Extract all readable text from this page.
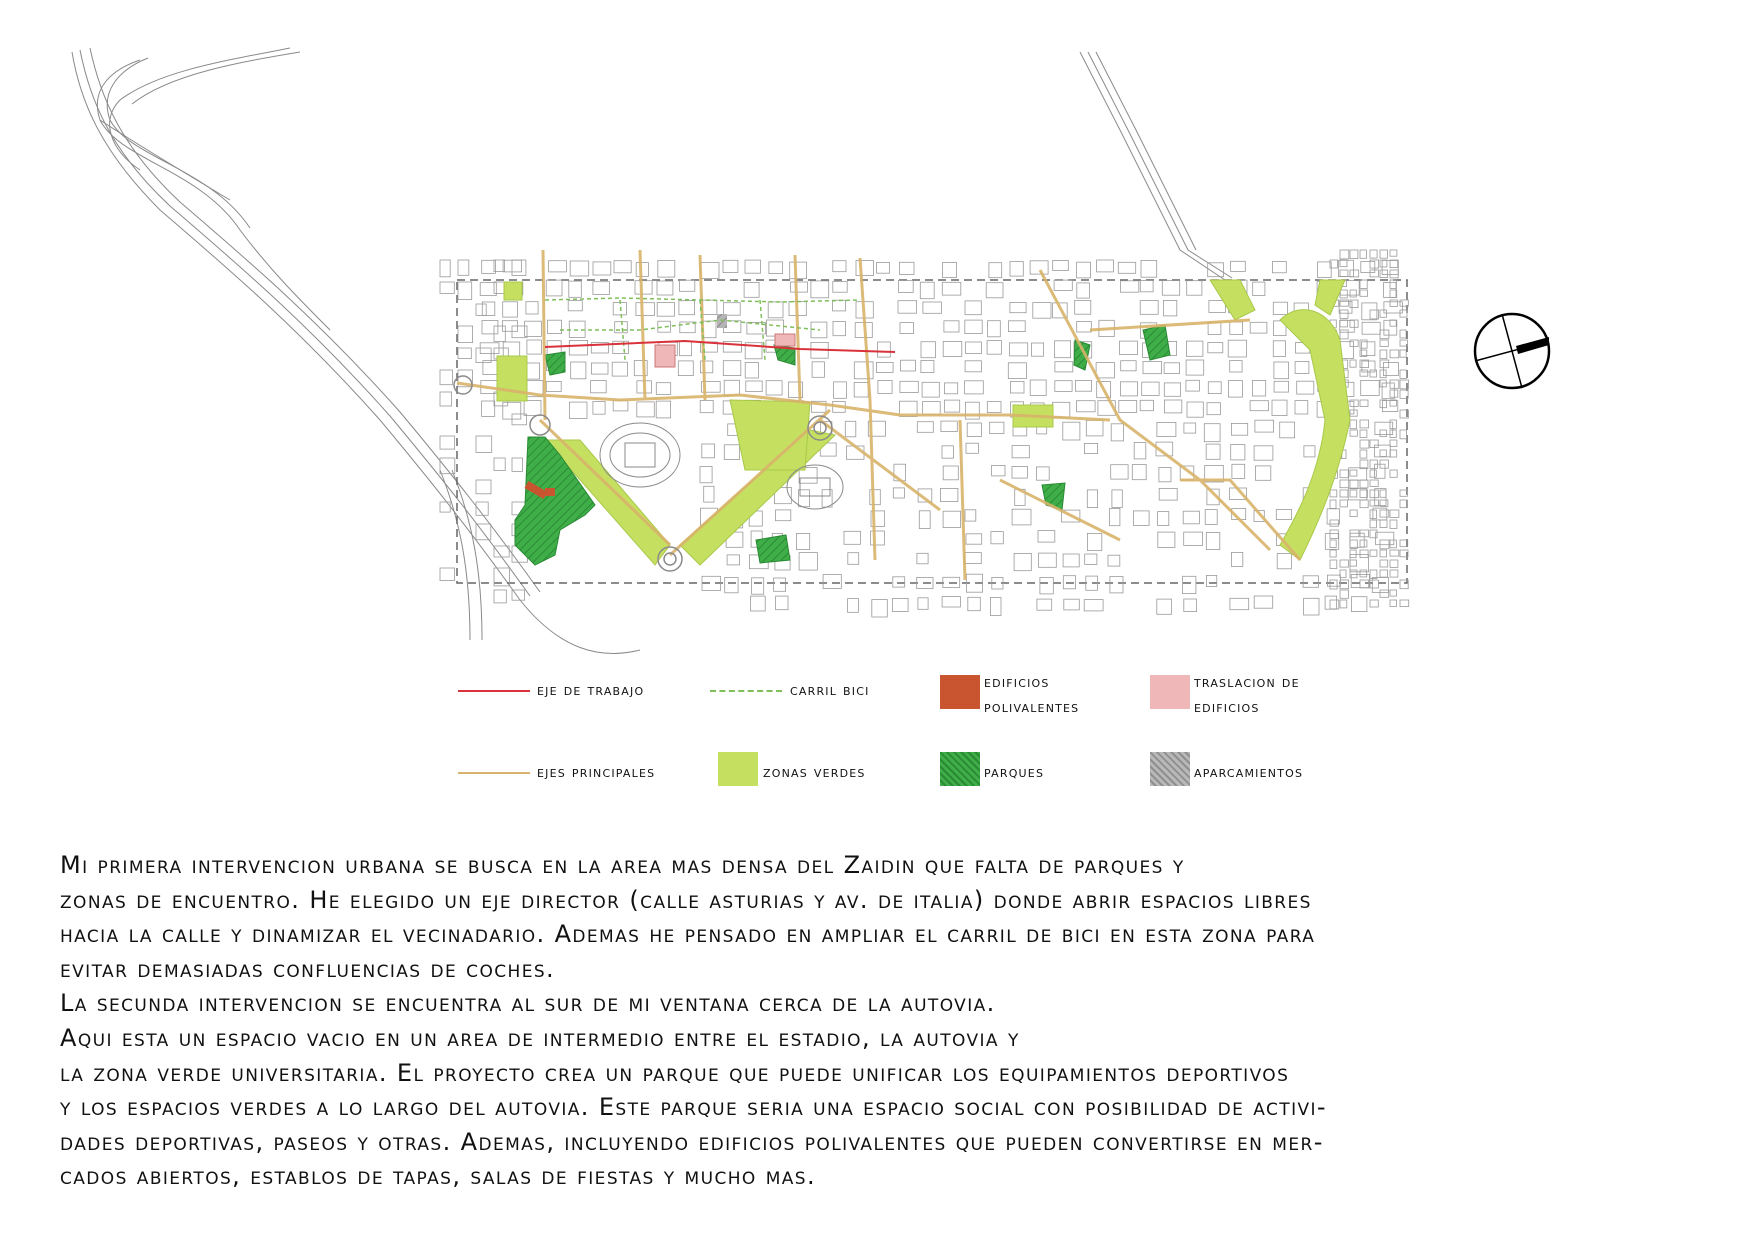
eje de trabajo	carril bici	edificios
polivalentes
traslacion de
edificios
ejes principales	zonas verdes	parques	aparcamientos

Mi primera intervencion urbana se busca en la area mas densa del Zaidin que falta de parques y

zonas de encuentro. He elegido un eje director (calle asturias y av. de italia) donde abrir espacios libres

hacia la calle y dinamizar el vecinadario. Ademas he pensado en ampliar el carril de bici en esta zona para

evitar demasiadas confluencias de coches.

La secunda intervencion se encuentra al sur de mi ventana cerca de la autovia.

Aqui esta un espacio vacio en un area de intermedio entre el estadio, la autovia y

la zona verde universitaria. El proyecto crea un parque que puede unificar los equipamientos deportivos

y los espacios verdes a lo largo del autovia. Este parque seria una espacio social con posibilidad de activi-

dades deportivas, paseos y otras. Ademas, incluyendo edificios polivalentes que pueden convertirse en mer-

cados abiertos, establos de tapas, salas de fiestas y mucho mas.
